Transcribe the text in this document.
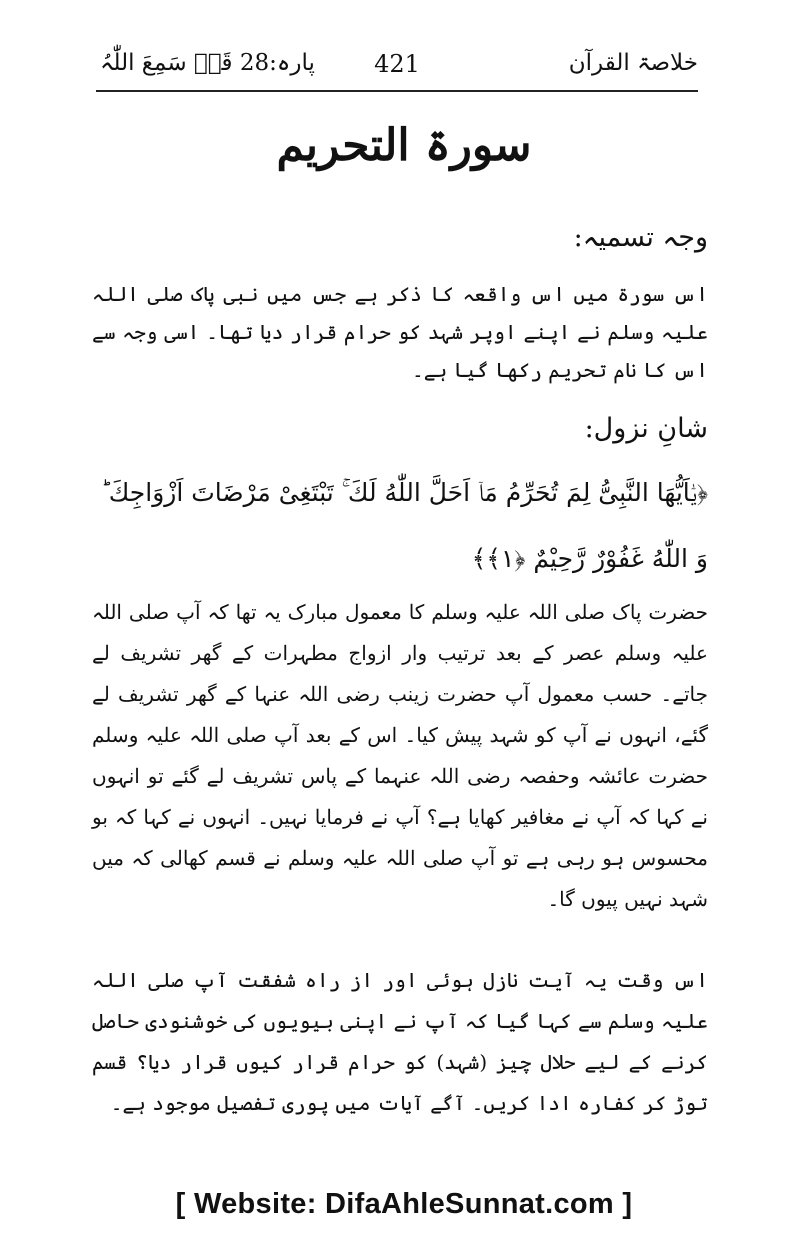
خلاصۃ القرآن
421
پارہ:28 قَدۡ سَمِعَ اللّٰہُ
سورۃ التحریم
وجہ تسمیہ:
اس سورۃ میں اس واقعہ کا ذکر ہے جس میں نبی پاک صلی اللہ علیہ وسلم نے اپنے اوپر شہد کو حرام قرار دیا تھا۔ اسی وجہ سے اس کا نام تحریم رکھا گیا ہے۔
شانِ نزول:
﴿یٰۤاَیُّهَا النَّبِیُّ لِمَ تُحَرِّمُ مَاۤ اَحَلَّ اللّٰهُ لَكَ ۚ تَبْتَغِیْ مَرْضَاتَ اَزْوَاجِكَ ؕ وَ اللّٰهُ غَفُوْرٌ رَّحِیْمٌ ﴿۱﴾﴾
حضرت پاک صلی اللہ علیہ وسلم کا معمول مبارک یہ تھا کہ آپ صلی اللہ علیہ وسلم عصر کے بعد ترتیب وار ازواج مطہرات کے گھر تشریف لے جاتے۔ حسب معمول آپ حضرت زینب رضی اللہ عنہا کے گھر تشریف لے گئے، انہوں نے آپ کو شہد پیش کیا۔ اس کے بعد آپ صلی اللہ علیہ وسلم حضرت عائشہ وحفصہ رضی اللہ عنہما کے پاس تشریف لے گئے تو انہوں نے کہا کہ آپ نے مغافیر کھایا ہے؟ آپ نے فرمایا نہیں۔ انہوں نے کہا کہ بو محسوس ہو رہی ہے تو آپ صلی اللہ علیہ وسلم نے قسم کھالی کہ میں شہد نہیں پیوں گا۔
اس وقت یہ آیت نازل ہوئی اور از راہ شفقت آپ صلی اللہ علیہ وسلم سے کہا گیا کہ آپ نے اپنی بیویوں کی خوشنودی حاصل کرنے کے لیے حلال چیز (شہد) کو حرام قرار کیوں قرار دیا؟ قسم توڑ کر کفارہ ادا کریں۔ آگے آیات میں پوری تفصیل موجود ہے۔
[ Website: DifaAhleSunnat.com ]
